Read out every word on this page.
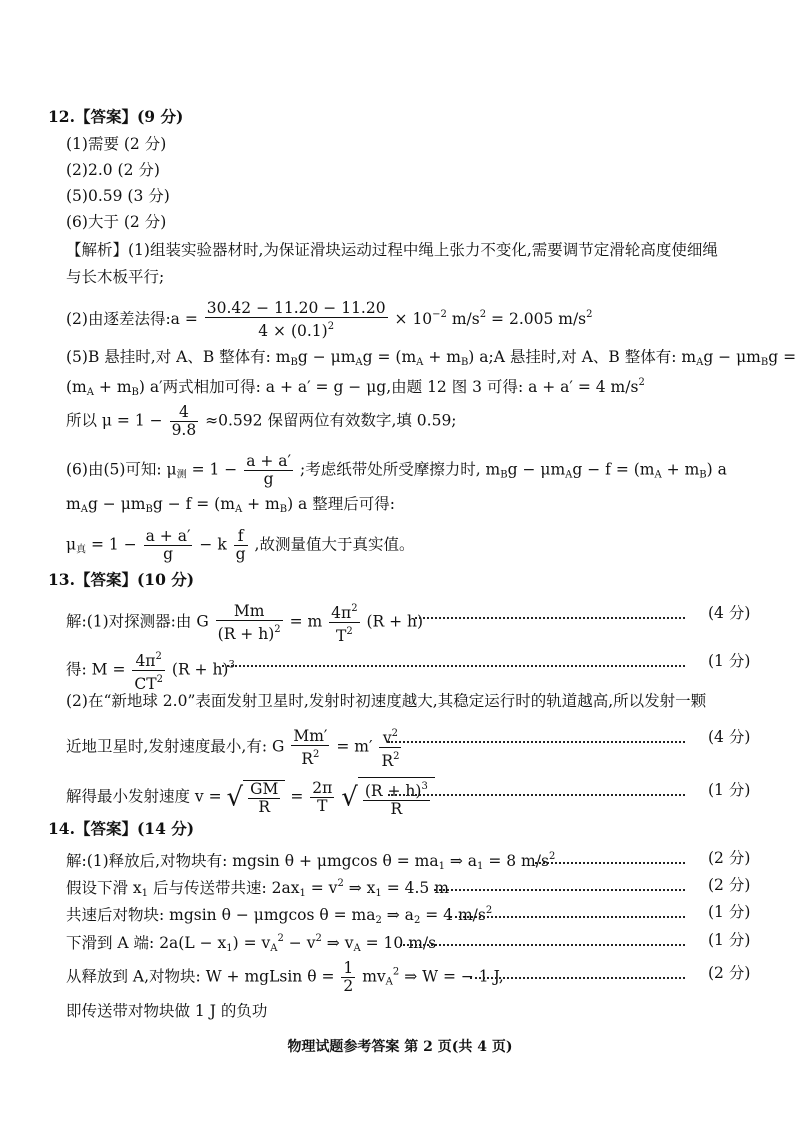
12.【答案】(9 分)
(1)需要 (2 分)
(2)2.0 (2 分)
(5)0.59 (3 分)
(6)大于 (2 分)
【解析】(1)组装实验器材时,为保证滑块运动过程中绳上张力不变化,需要调节定滑轮高度使细绳
与长木板平行;
(2)由逐差法得:a = $\frac{30.42 - 11.20 - 11.20}{4 \times (0.1)^2} \times 10^{-2}$ $m/s^2 = 2.005$ $m/s^2$
(5)B 悬挂时,对 A、B 整体有: $m_Bg - \mu m_Ag = (m_A + m_B)$ a;A 悬挂时,对 A、B 整体有: $m_Ag - \mu m_Bg$ =
$(m_A + m_B)$ a′两式相加可得: a + a′ = g − μg,由题 12 图 3 可得: a + a′ = 4 $m/s^2$
所以 $\mu = 1 - \frac{4}{9.8} \approx 0.592$ 保留两位有效数字,填 0.59;
(6)由(5)可知: $\mu_测 = 1 - \frac{a + a'}{g}$ ;考虑纸带处所受摩擦力时, $m_Bg - \mu m_Ag - f = (m_A + m_B)$ a
$m_Ag - \mu m_Bg - f = (m_A + m_B)$ a 整理后可得:
$\mu_真 = 1 - \frac{a + a'}{g} - k \frac{f}{g}$ ,故测量值大于真实值。
13.【答案】(10 分)
解:(1)对探测器:由 G $\frac{Mm}{(R + h)^2} = m \frac{4\pi^2}{T^2} (R + h)$	(4 分)
得: $M = \frac{4\pi^2}{CT^2} (R + h)^3$	(1 分)
(2)在“新地球 2.0”表面发射卫星时,发射时初速度越大,其稳定运行时的轨道越高,所以发射一颗
近地卫星时,发射速度最小,有: G $\frac{Mm'}{R^2} = m' \frac{v^2}{R^2}$	(4 分)
解得最小发射速度 v = √ $\frac{GM}{R} = \frac{2\pi}{T}$ √ $\frac{(R + h)^3}{R}$	(1 分)
14.【答案】(14 分)
解:(1)释放后,对物块有: mgsin θ + μmgcos $\theta = ma_1$ ⇒ $a_1 = 8$ $m/s^2$	(2 分)
假设下滑 $x_1$ 后与传送带共速: $2ax_1 = v^2$ ⇒ $x_1 = 4.5$ m	(2 分)
共速后对物块: mgsin θ − μmgcos $\theta = ma_2$ ⇒ $a_2 = 4$ $m/s^2$	(1 分)
下滑到 A 端: $2a(L - x_1) = v_A^2 - v^2$ ⇒ $v_A = 10$ m/s	(1 分)
从释放到 A,对物块: W + mgLsin $\theta = \frac{1}{2} mv_A^2$ ⇒ W = − 1 J,	(2 分)
即传送带对物块做 1 J 的负功
物理试题参考答案 第 2 页(共 4 页)
